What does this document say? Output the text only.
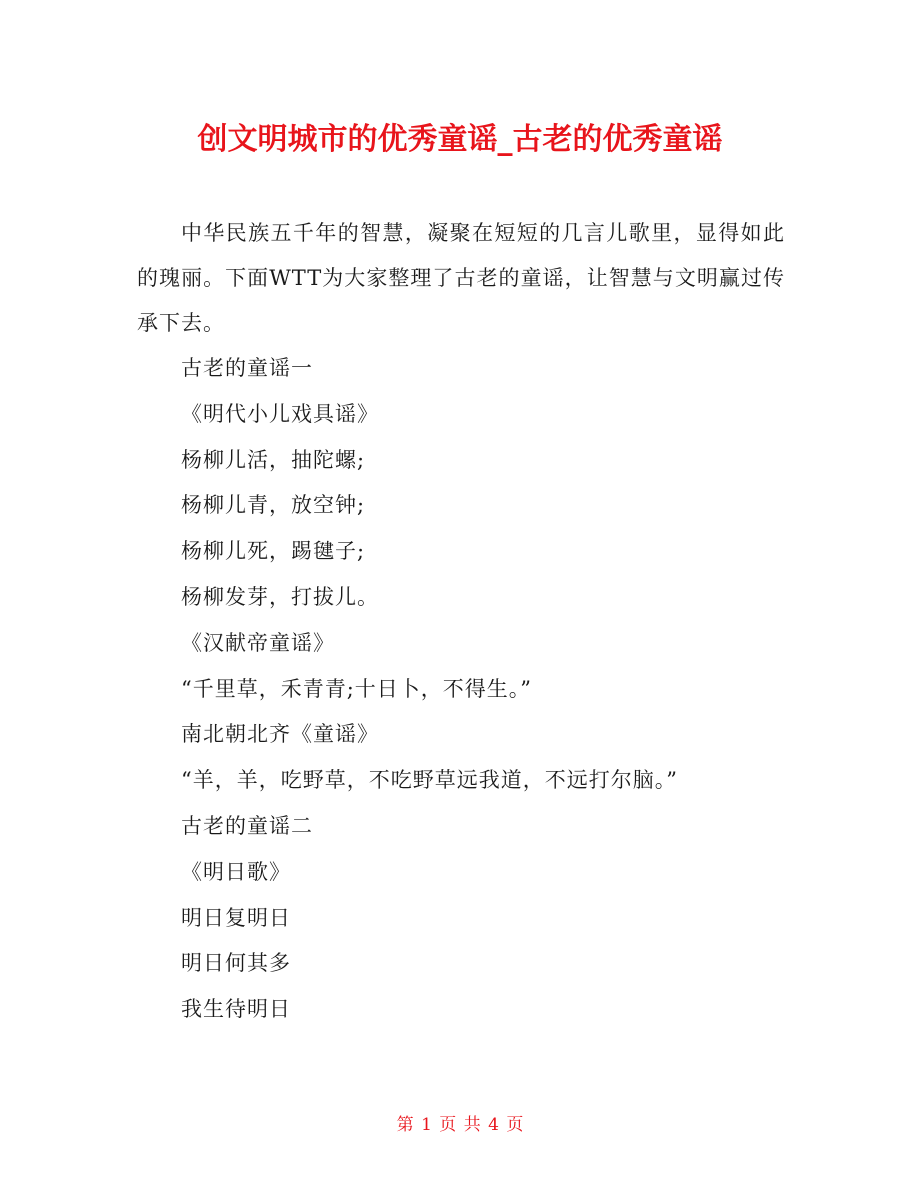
创文明城市的优秀童谣_古老的优秀童谣

中华民族五千年的智慧，凝聚在短短的几言儿歌里，显得如此的瑰丽。下面WTT为大家整理了古老的童谣，让智慧与文明赢过传承下去。

古老的童谣一

《明代小儿戏具谣》

杨柳儿活，抽陀螺;

杨柳儿青，放空钟;

杨柳儿死，踢毽子;

杨柳发芽，打拔儿。

《汉献帝童谣》

“千里草，禾青青;十日卜，不得生。”

南北朝北齐《童谣》

“羊，羊，吃野草，不吃野草远我道，不远打尔脑。”

古老的童谣二

《明日歌》

明日复明日

明日何其多

我生待明日

第 1 页 共 4 页
